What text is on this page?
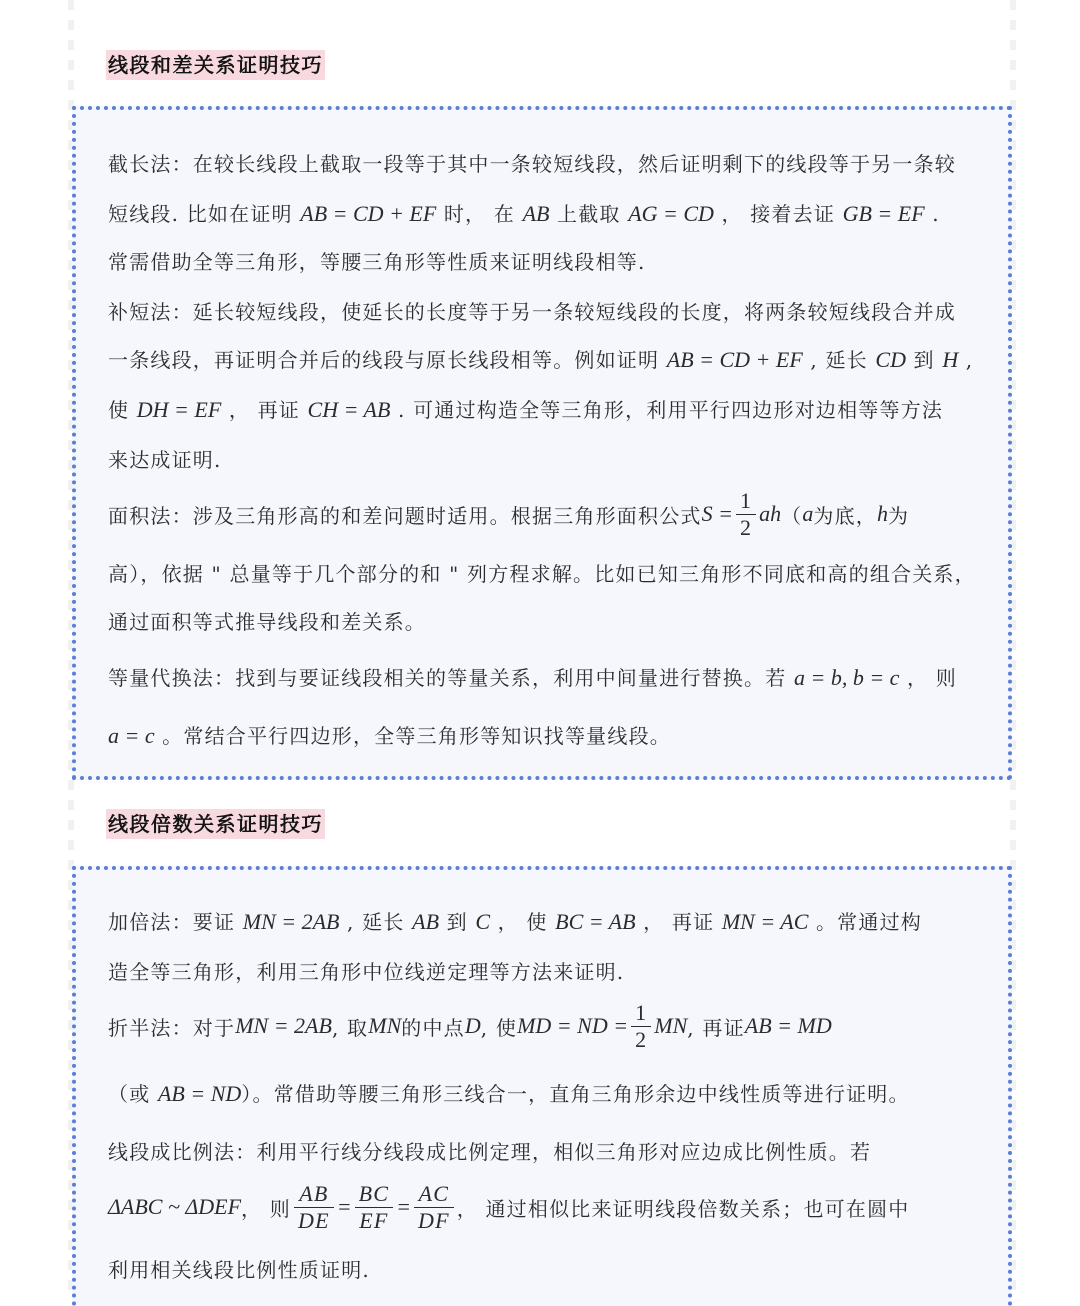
线段和差关系证明技巧

截长法：在较长线段上截取一段等于其中一条较短线段，然后证明剩下的线段等于另一条较

短线段. 比如在证明 AB = CD + EF 时， 在 AB 上截取 AG = CD ， 接着去证 GB = EF .

常需借助全等三角形，等腰三角形等性质来证明线段相等.

补短法：延长较短线段，使延长的长度等于另一条较短线段的长度，将两条较短线段合并成

一条线段，再证明合并后的线段与原长线段相等。例如证明 AB = CD + EF , 延长 CD 到 H ,

使 DH = EF ， 再证 CH = AB . 可通过构造全等三角形，利用平行四边形对边相等等方法

来达成证明.

面积法：涉及三角形高的和差问题时适用。根据三角形面积公式 $S = \frac{1}{2}$ ah （ a 为底， h 为

高），依据 " 总量等于几个部分的和 " 列方程求解。比如已知三角形不同底和高的组合关系，

通过面积等式推导线段和差关系。

等量代换法：找到与要证线段相关的等量关系，利用中间量进行替换。若 a = b, b = c ， 则

a = c 。常结合平行四边形，全等三角形等知识找等量线段。

线段倍数关系证明技巧

加倍法：要证 MN = 2AB , 延长 AB 到 C ， 使 BC = AB ， 再证 MN = AC 。常通过构

造全等三角形，利用三角形中位线逆定理等方法来证明.

折半法：对于 MN = 2AB , 取 MN 的中点 D , 使 MD = ND = $\frac{1}{2}$ MN , 再证 AB = MD

（或 AB = ND）。常借助等腰三角形三线合一，直角三角形余边中线性质等进行证明。

线段成比例法：利用平行线分线段成比例定理，相似三角形对应边成比例性质。若

ΔABC ~ ΔDEF ， 则 $\frac{AB}{DE} = \frac{BC}{EF} = \frac{AC}{DF}$ ， 通过相似比来证明线段倍数关系；也可在圆中

利用相关线段比例性质证明.
